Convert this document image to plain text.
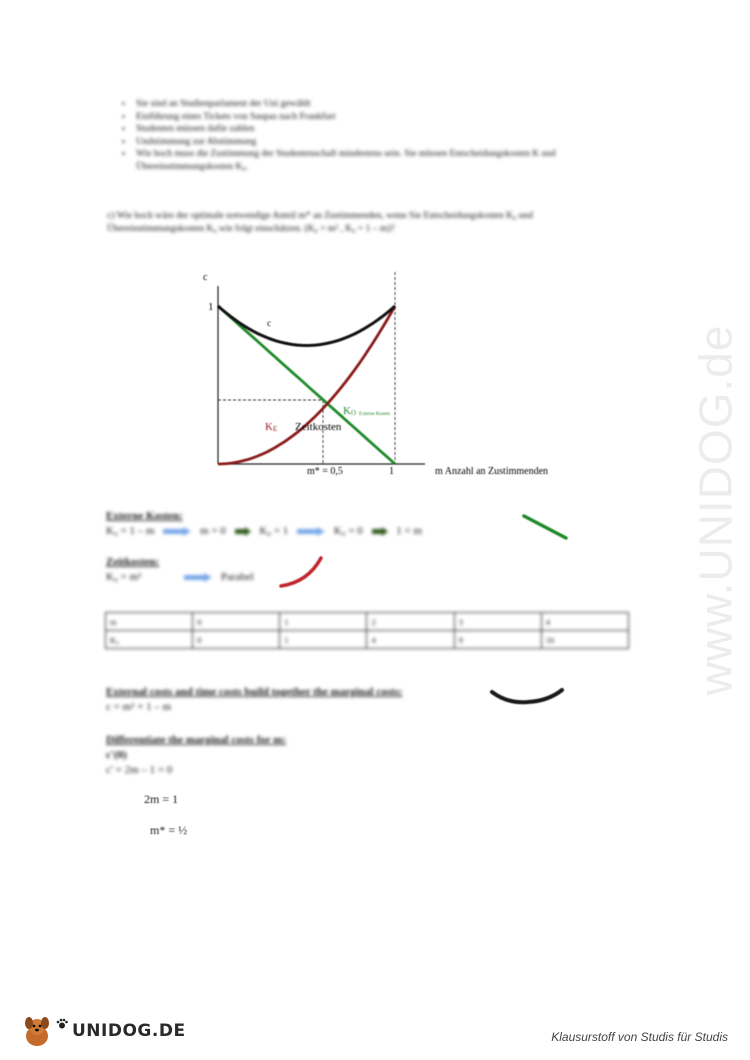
www.UNIDOG.de
▪ Sie sind an Studienparlament der Uni gewählt
▪ Einführung eines Tickets von Saupas nach Frankfurt
▪ Studenten müssen dafür zahlen
▪ Undstimmung zur Abstimmung
▪ Wie hoch muss die Zustimmung der Studentenschaft mindestens sein. Sie müssen Entscheidungskosten K und Übereinstimmungskosten K₀.

c) Wie hoch wäre der optimale notwendige Anteil m* an Zustimmenden, wenn Sie Entscheidungskosten K₀ und Übereinstimmungskosten K₀ wie folgt einschätzen. (K₀ = m² , K₀ = 1 – m)?

c
1
c
KO Externe Kosten
KE Zeitkosten
m* = 0,5	1	m Anzahl an Zustimmenden
Externe Kosten:
K₀ = 1 – m	m = 0	K₀ = 1	K₀ = 0	1 = m
Zeitkosten:
K₀ = m²	Parabel
m	0	1	2	3	4
K₀	0	1	4	9	16
External costs and time costs build together the marginal costs:
c = m² + 1 – m
Differentiate the marginal costs for m:
c'(0)
c' = 2m – 1 = 0
2m = 1
m* = ½
UNIDOG.DE	Klausurstoff von Studis für Studis
